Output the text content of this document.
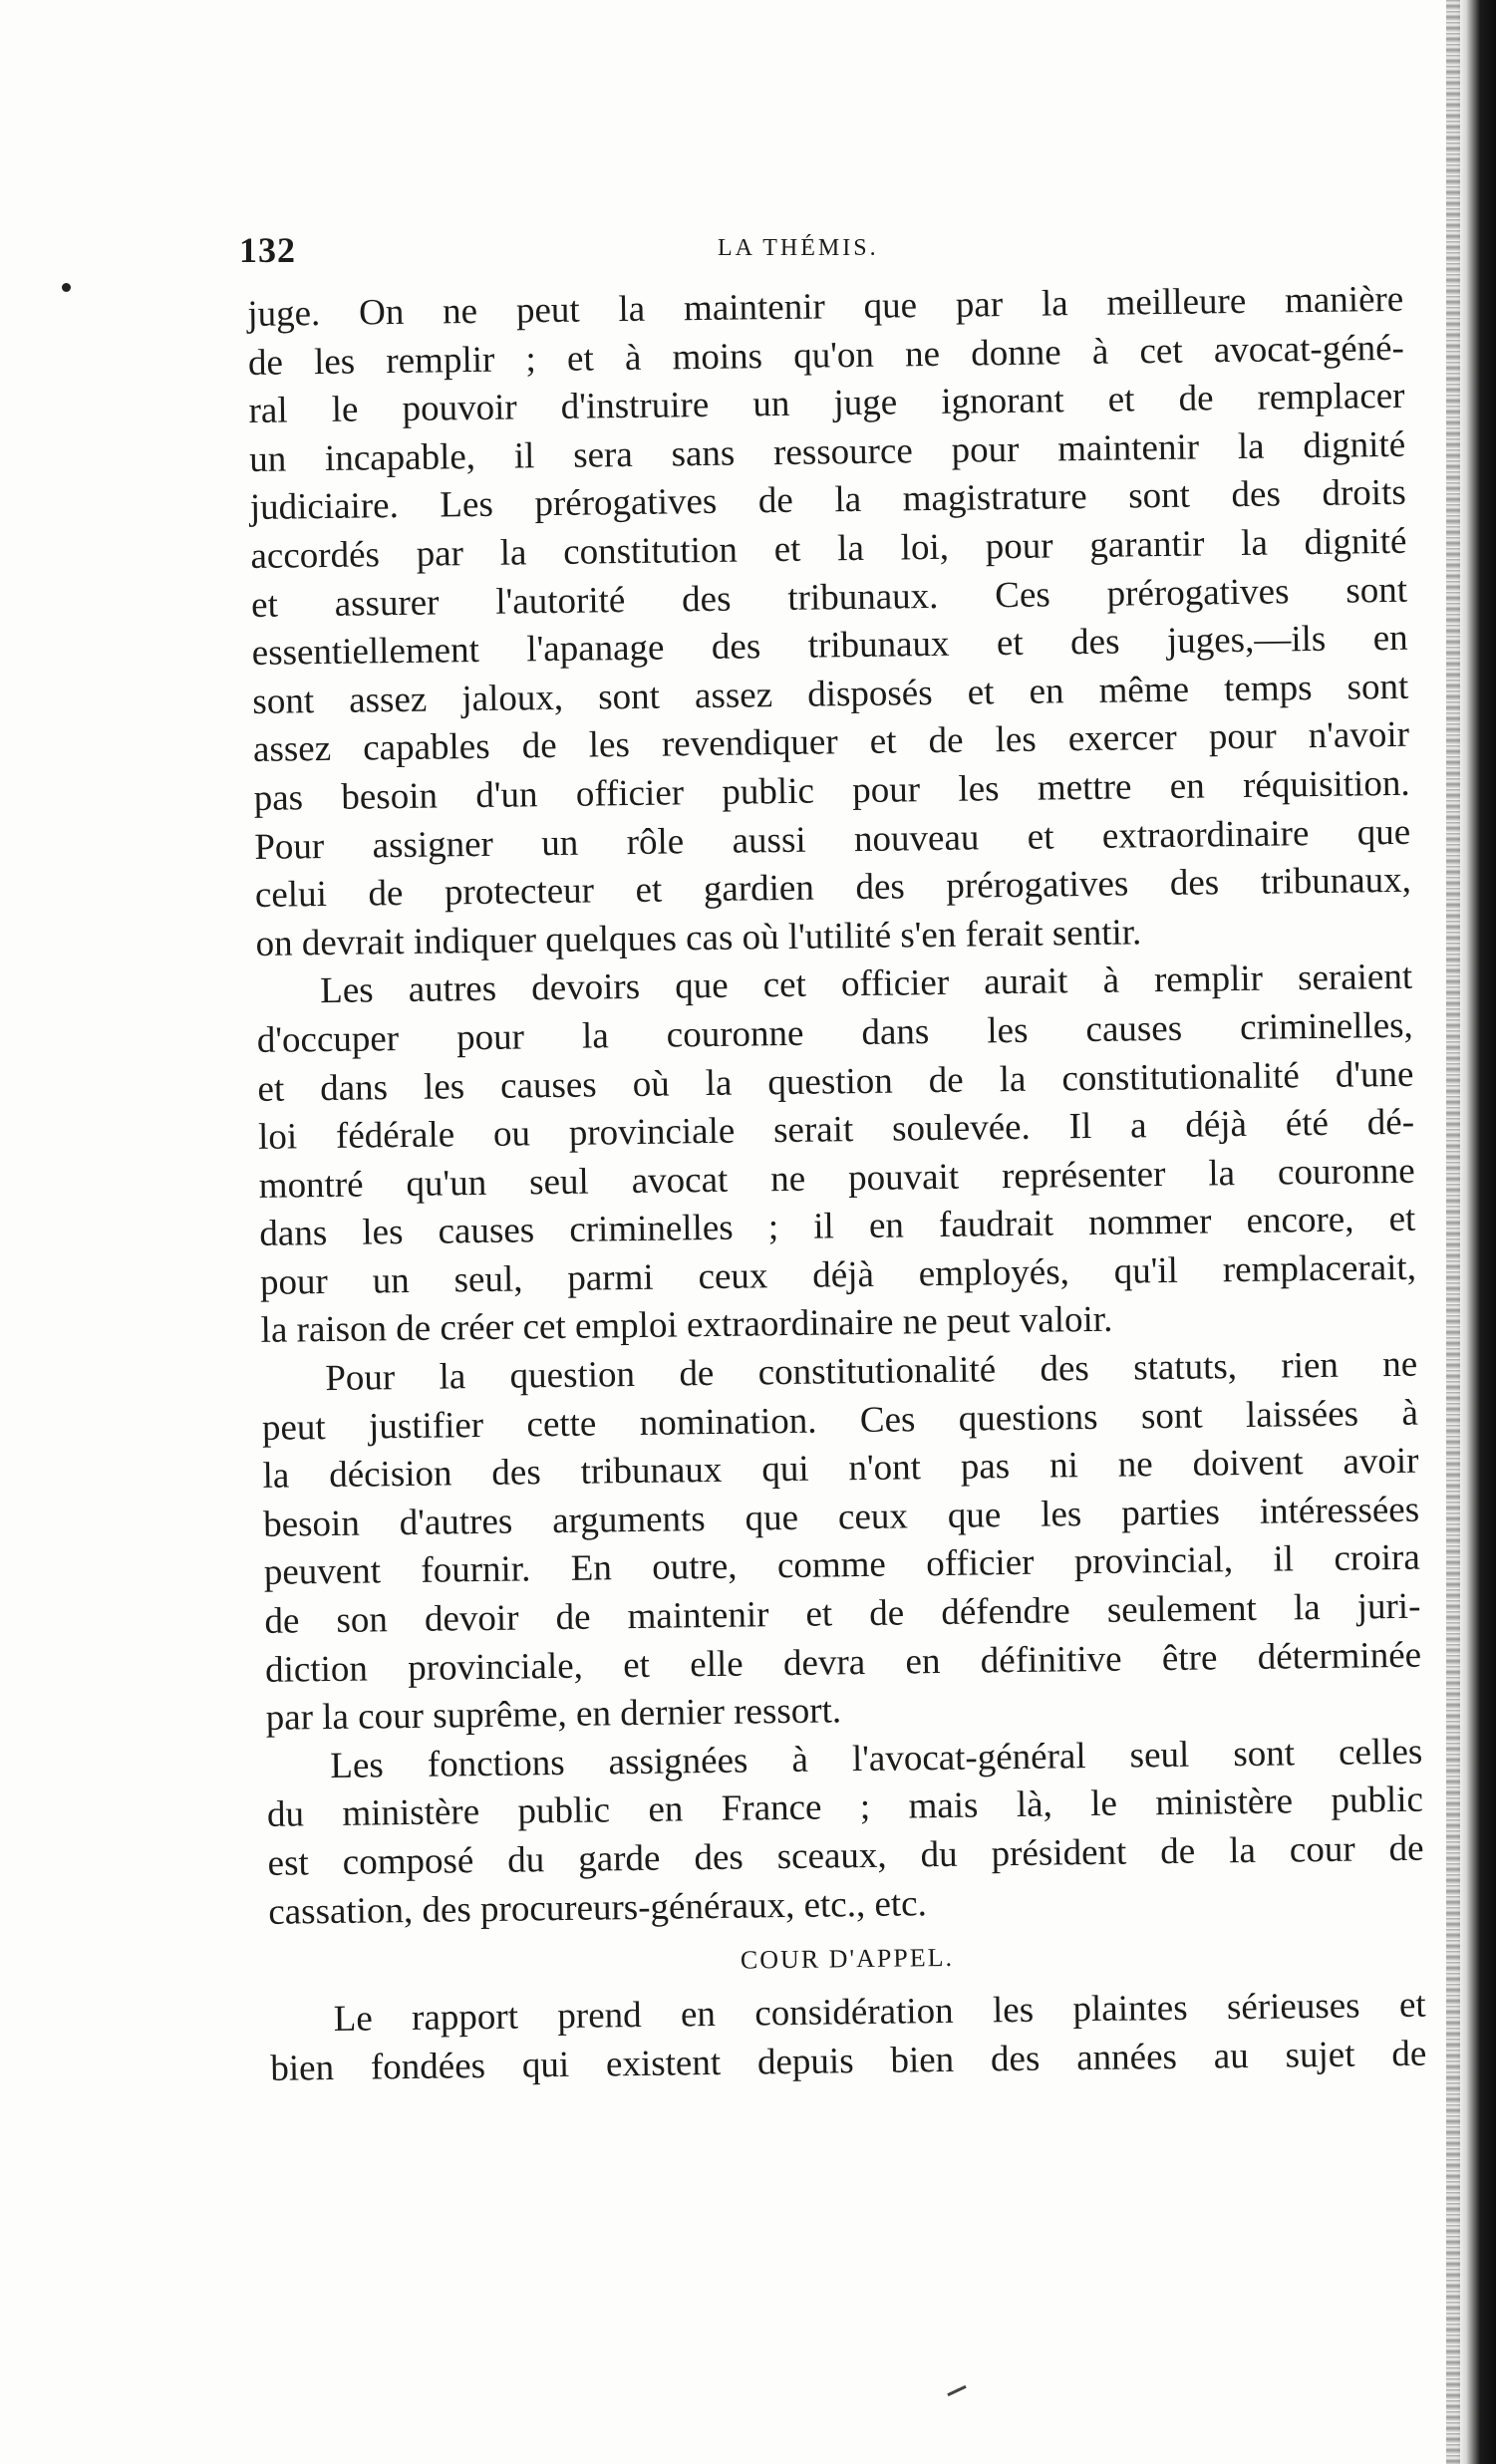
132	LA THÉMIS.
juge. On ne peut la maintenir que par la meilleure manière
de les remplir ; et à moins qu'on ne donne à cet avocat-géné-
ral le pouvoir d'instruire un juge ignorant et de remplacer
un incapable, il sera sans ressource pour maintenir la dignité
judiciaire. Les prérogatives de la magistrature sont des droits
accordés par la constitution et la loi, pour garantir la dignité
et assurer l'autorité des tribunaux. Ces prérogatives sont
essentiellement l'apanage des tribunaux et des juges,—ils en
sont assez jaloux, sont assez disposés et en même temps sont
assez capables de les revendiquer et de les exercer pour n'avoir
pas besoin d'un officier public pour les mettre en réquisition.
Pour assigner un rôle aussi nouveau et extraordinaire que
celui de protecteur et gardien des prérogatives des tribunaux,
on devrait indiquer quelques cas où l'utilité s'en ferait sentir.
Les autres devoirs que cet officier aurait à remplir seraient
d'occuper pour la couronne dans les causes criminelles,
et dans les causes où la question de la constitutionalité d'une
loi fédérale ou provinciale serait soulevée. Il a déjà été dé-
montré qu'un seul avocat ne pouvait représenter la couronne
dans les causes criminelles ; il en faudrait nommer encore, et
pour un seul, parmi ceux déjà employés, qu'il remplacerait,
la raison de créer cet emploi extraordinaire ne peut valoir.
Pour la question de constitutionalité des statuts, rien ne
peut justifier cette nomination. Ces questions sont laissées à
la décision des tribunaux qui n'ont pas ni ne doivent avoir
besoin d'autres arguments que ceux que les parties intéressées
peuvent fournir. En outre, comme officier provincial, il croira
de son devoir de maintenir et de défendre seulement la juri-
diction provinciale, et elle devra en définitive être déterminée
par la cour suprême, en dernier ressort.
Les fonctions assignées à l'avocat-général seul sont celles
du ministère public en France ; mais là, le ministère public
est composé du garde des sceaux, du président de la cour de
cassation, des procureurs-généraux, etc., etc.
COUR D'APPEL.
Le rapport prend en considération les plaintes sérieuses et
bien fondées qui existent depuis bien des années au sujet de
